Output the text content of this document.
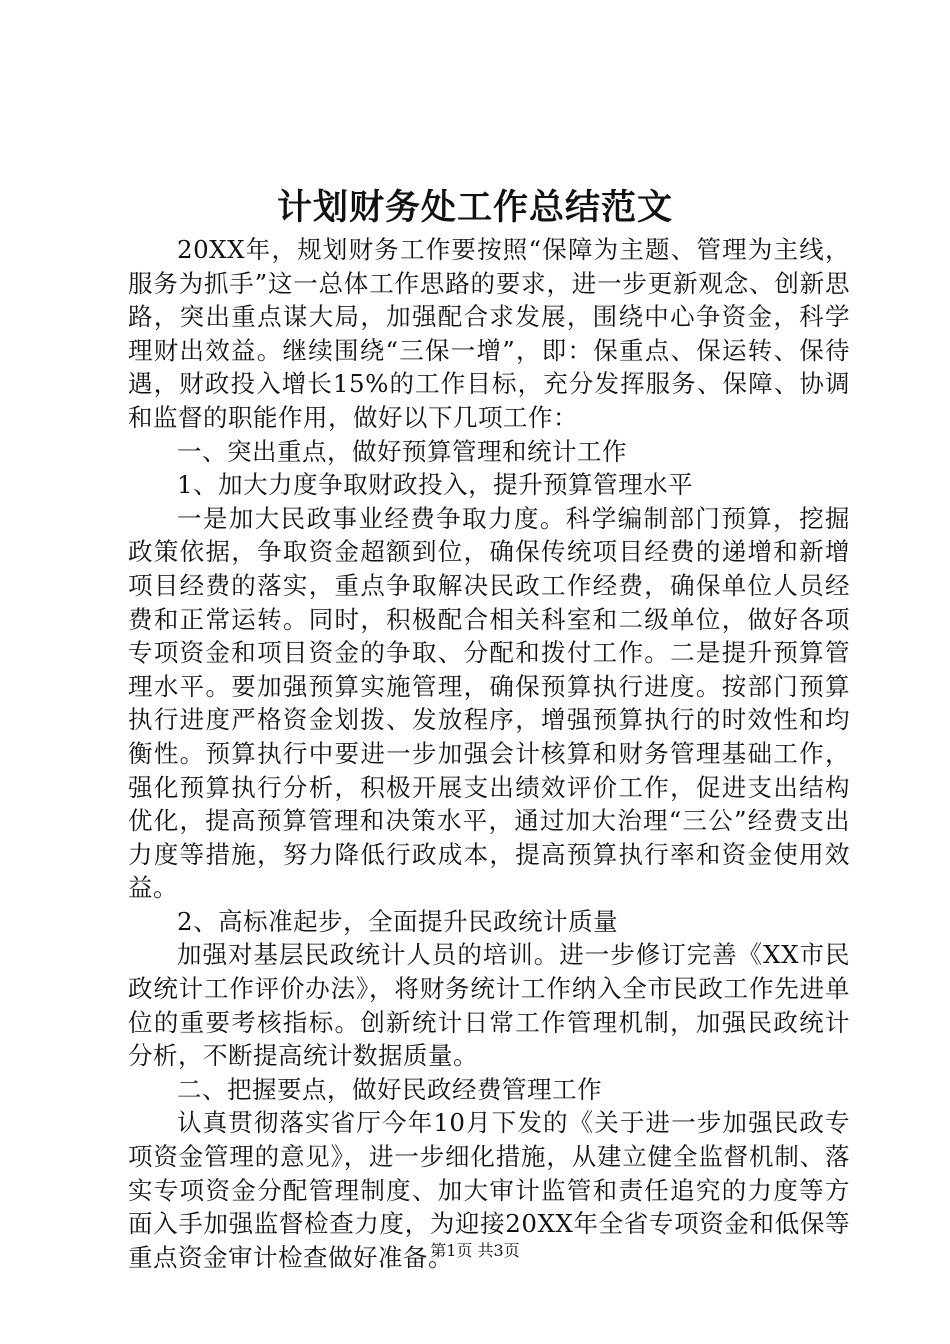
计划财务处工作总结范文

20XX年，规划财务工作要按照“保障为主题、管理为主线，服务为抓手”这一总体工作思路的要求，进一步更新观念、创新思路，突出重点谋大局，加强配合求发展，围绕中心争资金，科学理财出效益。继续围绕“三保一增”，即：保重点、保运转、保待遇，财政投入增长15%的工作目标，充分发挥服务、保障、协调和监督的职能作用，做好以下几项工作：

一、突出重点，做好预算管理和统计工作

1、加大力度争取财政投入，提升预算管理水平

一是加大民政事业经费争取力度。科学编制部门预算，挖掘政策依据，争取资金超额到位，确保传统项目经费的递增和新增项目经费的落实，重点争取解决民政工作经费，确保单位人员经费和正常运转。同时，积极配合相关科室和二级单位，做好各项专项资金和项目资金的争取、分配和拨付工作。二是提升预算管理水平。要加强预算实施管理，确保预算执行进度。按部门预算执行进度严格资金划拨、发放程序，增强预算执行的时效性和均衡性。预算执行中要进一步加强会计核算和财务管理基础工作，强化预算执行分析，积极开展支出绩效评价工作，促进支出结构优化，提高预算管理和决策水平，通过加大治理“三公”经费支出力度等措施，努力降低行政成本，提高预算执行率和资金使用效益。

2、高标准起步，全面提升民政统计质量

加强对基层民政统计人员的培训。进一步修订完善《XX市民政统计工作评价办法》，将财务统计工作纳入全市民政工作先进单位的重要考核指标。创新统计日常工作管理机制，加强民政统计分析，不断提高统计数据质量。

二、把握要点，做好民政经费管理工作

认真贯彻落实省厅今年10月下发的《关于进一步加强民政专项资金管理的意见》，进一步细化措施，从建立健全监督机制、落实专项资金分配管理制度、加大审计监管和责任追究的力度等方面入手加强监督检查力度，为迎接20XX年全省专项资金和低保等重点资金审计检查做好准备。

第1页 共3页
